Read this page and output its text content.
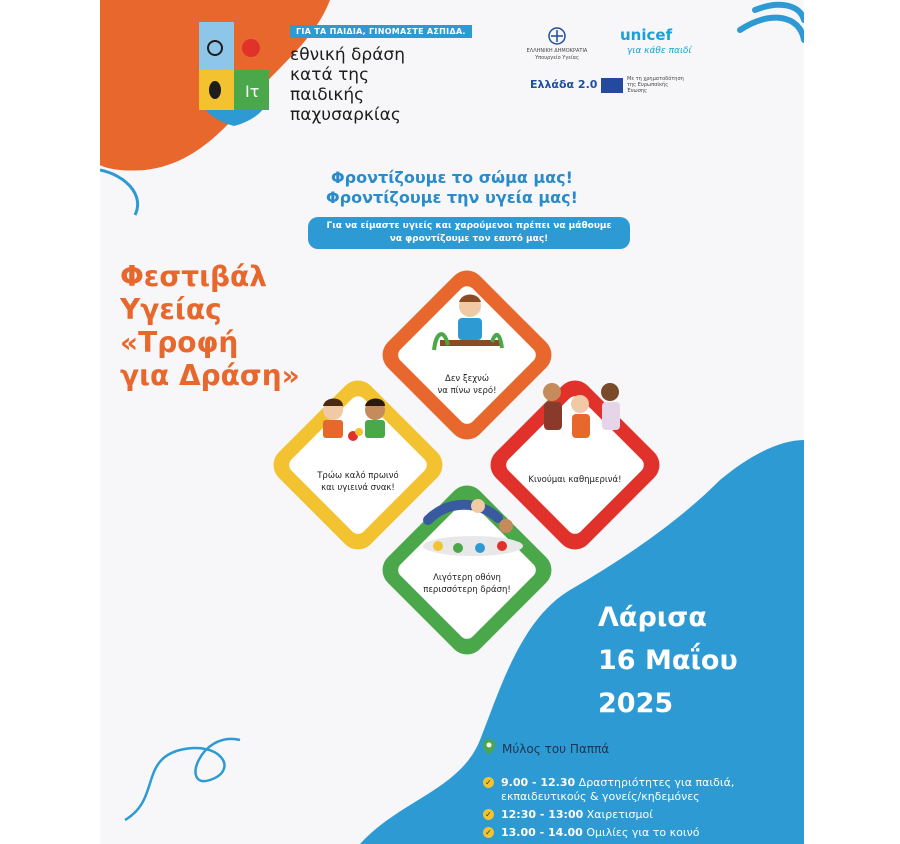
Ιτ
ΓΙΑ ΤΑ ΠΑΙΔΙΑ, ΓΙΝΟΜΑΣΤΕ ΑΣΠΙΔΑ.
εθνική δράση
κατά της
παιδικής
παχυσαρκίας
ΕΛΛΗΝΙΚΗ ΔΗΜΟΚΡΑΤΙΑ
Υπουργείο Υγείας
unicef
για κάθε παιδί
Ελλάδα 2.0	Με τη χρηματοδότηση της Ευρωπαϊκής Ένωσης
Φροντίζουμε το σώμα μας!
Φροντίζουμε την υγεία μας!
Για να είμαστε υγιείς και χαρούμενοι πρέπει να μάθουμε
να φροντίζουμε τον εαυτό μας!
Φεστιβάλ
Υγείας
«Τροφή
για Δράση»	Δεν ξεχνώ
να πίνω νερό!
Τρώω καλό πρωινό
και υγιεινά σνακ!
Κινούμαι καθημερινά!
Λιγότερη οθόνη
περισσότερη δράση!
Λάρισα
16 Μαΐου
2025
Μύλος του Παππά
✓ 9.00 - 12.30 Δραστηριότητες για παιδιά,
εκπαιδευτικούς & γονείς/κηδεμόνες
✓ 12:30 - 13:00 Χαιρετισμοί
✓ 13.00 - 14.00 Ομιλίες για το κοινό
